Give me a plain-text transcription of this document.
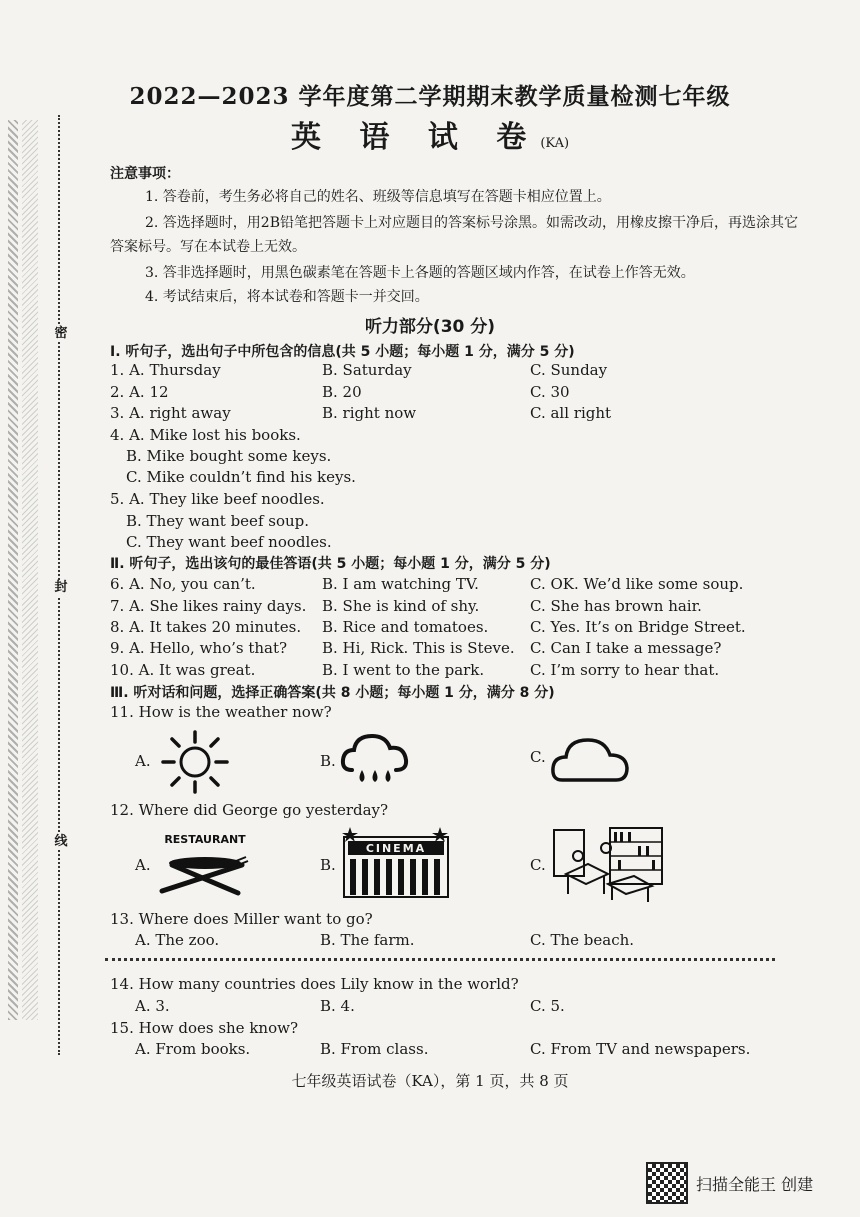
密
封
线
2022—2023 学年度第二学期期末教学质量检测七年级
英 语 试 卷(KA)
注意事项：
1. 答卷前，考生务必将自己的姓名、班级等信息填写在答题卡相应位置上。
2. 答选择题时，用2B铅笔把答题卡上对应题目的答案标号涂黑。如需改动，用橡皮擦干净后，再选涂其它答案标号。写在本试卷上无效。
3. 答非选择题时，用黑色碳素笔在答题卡上各题的答题区域内作答，在试卷上作答无效。
4. 考试结束后，将本试卷和答题卡一并交回。
听力部分(30 分)
Ⅰ. 听句子，选出句子中所包含的信息(共 5 小题；每小题 1 分，满分 5 分)
1. A. Thursday	B. Saturday	C. Sunday
2. A. 12	B. 20	C. 30
3. A. right away	B. right now	C. all right
4. A. Mike lost his books.
B. Mike bought some keys.
C. Mike couldn’t find his keys.
5. A. They like beef noodles.
B. They want beef soup.
C. They want beef noodles.
Ⅱ. 听句子，选出该句的最佳答语(共 5 小题；每小题 1 分，满分 5 分)
6. A. No, you can’t.	B. I am watching TV.	C. OK. We’d like some soup.
7. A. She likes rainy days. B. She is kind of shy.	C. She has brown hair.
8. A. It takes 20 minutes. B. Rice and tomatoes.	C. Yes. It’s on Bridge Street.
9. A. Hello, who’s that? B. Hi, Rick. This is Steve. C. Can I take a message?
10. A. It was great.	B. I went to the park.	C. I’m sorry to hear that.
Ⅲ. 听对话和问题，选择正确答案(共 8 小题；每小题 1 分，满分 8 分)
11. How is the weather now?
A.	B.	C.
12. Where did George go yesterday?
A.
RESTAURANT
B.
CINEMA
C.
13. Where does Miller want to go?
A. The zoo.	B. The farm.	C. The beach.
14. How many countries does Lily know in the world?
A. 3.	B. 4.	C. 5.
15. How does she know?
A. From books.	B. From class.	C. From TV and newspapers.
七年级英语试卷（KA），第 1 页，共 8 页
扫描全能王 创建
